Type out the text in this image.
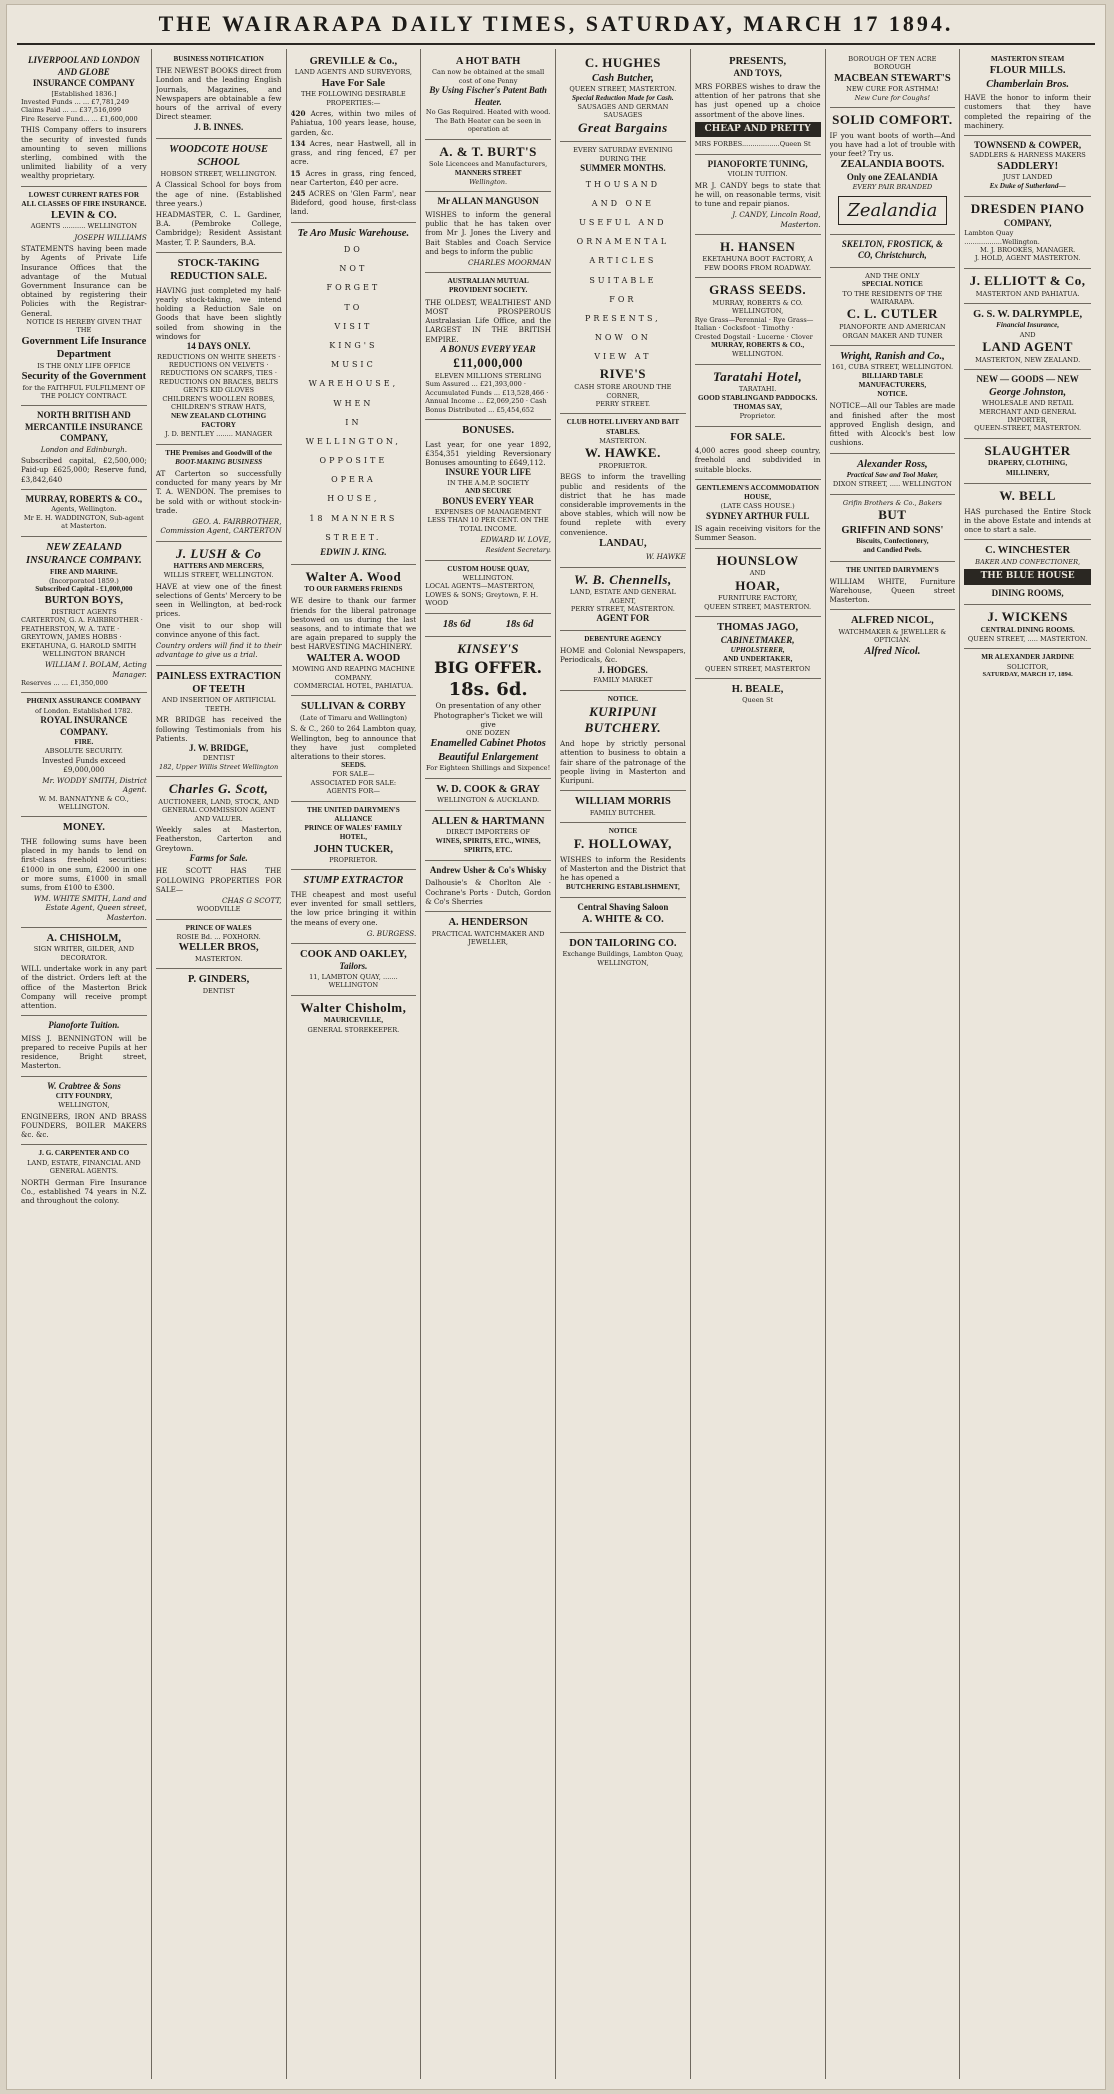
THE WAIRARAPA DAILY TIMES, SATURDAY, MARCH 17 1894.
LIVERPOOL AND LONDON
AND GLOBE
INSURANCE COMPANY
[Established 1836.]
Invested Funds ... ... £7,781,249
Claims Paid ... ... £37,516,099
Fire Reserve Fund... ... £1,600,000
THIS Company offers to insurers the security of invested funds amounting to seven millions sterling, combined with the unlimited liability of a very wealthy proprietary.
LOWEST CURRENT RATES FOR ALL CLASSES OF FIRE INSURANCE.
LEVIN & CO.
AGENTS ........... WELLINGTON
JOSEPH WILLIAMS
STATEMENTS having been made by Agents of Private Life Insurance Offices that the advantage of the Mutual Government Insurance can be obtained by registering their Policies with the Registrar-General.
NOTICE IS HEREBY GIVEN THAT THE
Government Life Insurance
Department
IS THE ONLY LIFE OFFICE
Security of the Government
for the FAITHFUL FULFILMENT OF THE POLICY CONTRACT.
NORTH BRITISH AND MERCANTILE INSURANCE COMPANY,
London and Edinburgh.
Subscribed capital, £2,500,000; Paid-up £625,000; Reserve fund, £3,842,640
MURRAY, ROBERTS & CO.,
Agents, Wellington.
Mr E. H. WADDINGTON, Sub-agent at Masterton.
NEW ZEALAND INSURANCE COMPANY.
FIRE AND MARINE.
(Incorporated 1859.)
Subscribed Capital - £1,000,000
BURTON BOYS,
DISTRICT AGENTS
CARTERTON, G. A. FAIRBROTHER · FEATHERSTON, W. A. TATE · GREYTOWN, JAMES HOBBS · EKETAHUNA, G. HAROLD SMITH
WELLINGTON BRANCH
WILLIAM I. BOLAM, Acting Manager.
Reserves ... ... £1,350,000
PHŒNIX ASSURANCE COMPANY
of London. Established 1782.
ROYAL INSURANCE COMPANY.
FIRE.
ABSOLUTE SECURITY.
Invested Funds exceed £9,000,000
Mr. WODDY SMITH, District Agent.
W. M. BANNATYNE & CO., WELLINGTON.
MONEY.
THE following sums have been placed in my hands to lend on first-class freehold securities: £1000 in one sum, £2000 in one or more sums, £1000 in small sums, from £100 to £300.
WM. WHITE SMITH, Land and Estate Agent, Queen street, Masterton.
A. CHISHOLM,
SIGN WRITER, GILDER, AND DECORATOR.
WILL undertake work in any part of the district. Orders left at the office of the Masterton Brick Company will receive prompt attention.
Pianoforte Tuition.
MISS J. BENNINGTON will be prepared to receive Pupils at her residence, Bright street, Masterton.
W. Crabtree & Sons
CITY FOUNDRY,
WELLINGTON,
ENGINEERS, IRON AND BRASS FOUNDERS, BOILER MAKERS &c. &c.
J. G. CARPENTER AND CO
LAND, ESTATE, FINANCIAL AND GENERAL AGENTS.
NORTH German Fire Insurance Co., established 74 years in N.Z. and throughout the colony.
BUSINESS NOTIFICATION
THE NEWEST BOOKS direct from London and the leading English Journals, Magazines, and Newspapers are obtainable a few hours of the arrival of every Direct steamer.
J. B. INNES.
WOODCOTE HOUSE SCHOOL
HOBSON STREET, WELLINGTON.
A Classical School for boys from the age of nine. (Established three years.)
HEADMASTER, C. L. Gardiner, B.A. (Pembroke College, Cambridge); Resident Assistant Master, T. P. Saunders, B.A.
STOCK-TAKING REDUCTION SALE.
HAVING just completed my half-yearly stock-taking, we intend holding a Reduction Sale on Goods that have been slightly soiled from showing in the windows for
14 DAYS ONLY.
REDUCTIONS ON WHITE SHEETS · REDUCTIONS ON VELVETS · REDUCTIONS ON SCARFS, TIES · REDUCTIONS ON BRACES, BELTS
GENTS KID GLOVES
CHILDREN'S WOOLLEN ROBES,
CHILDREN'S STRAW HATS,
NEW ZEALAND CLOTHING FACTORY
J. D. BENTLEY ........ MANAGER
THE Premises and Goodwill of the
BOOT-MAKING BUSINESS
AT Carterton so successfully conducted for many years by Mr T. A. WENDON. The premises to be sold with or without stock-in-trade.
GEO. A. FAIRBROTHER, Commission Agent, CARTERTON
J. LUSH & Co
HATTERS AND MERCERS,
WILLIS STREET, WELLINGTON.
HAVE at view one of the finest selections of Gents' Mercery to be seen in Wellington, at bed-rock prices.
One visit to our shop will convince anyone of this fact.
Country orders will find it to their advantage to give us a trial.
PAINLESS EXTRACTION OF TEETH
AND INSERTION OF ARTIFICIAL TEETH.
MR BRIDGE has received the following Testimonials from his Patients.
J. W. BRIDGE,
DENTIST
182, Upper Willis Street Wellington
Charles G. Scott,
AUCTIONEER, LAND, STOCK, AND GENERAL COMMISSION AGENT AND VALUER.
Weekly sales at Masterton, Featherston, Carterton and Greytown.
Farms for Sale.
HE SCOTT HAS THE FOLLOWING PROPERTIES FOR SALE—
CHAS G SCOTT,
WOODVILLE
PRINCE OF WALES
ROSIE Bd. ... FOXHORN.
WELLER BROS,
MASTERTON.
P. GINDERS,
DENTIST
GREVILLE & Co.,
LAND AGENTS AND SURVEYORS,
Have For Sale
THE FOLLOWING DESIRABLE PROPERTIES:—
420 Acres, within two miles of Pahiatua, 100 years lease, house, garden, &c.
134 Acres, near Hastwell, all in grass, and ring fenced, £7 per acre.
15 Acres in grass, ring fenced, near Carterton, £40 per acre.
245 ACRES on 'Glen Farm', near Bideford, good house, first-class land.
Te Aro Music Warehouse.
DO
NOT
FORGET
TO
VISIT
KING'S
MUSIC
WAREHOUSE,
WHEN
IN
WELLINGTON,
OPPOSITE
OPERA
HOUSE,
18 MANNERS
STREET.
EDWIN J. KING.
Walter A. Wood
TO OUR FARMERS FRIENDS
WE desire to thank our farmer friends for the liberal patronage bestowed on us during the last seasons, and to intimate that we are again prepared to supply the best HARVESTING MACHINERY.
WALTER A. WOOD
MOWING AND REAPING MACHINE COMPANY.
COMMERCIAL HOTEL, PAHIATUA.
SULLIVAN & CORBY
(Late of Timaru and Wellington)
S. & C., 260 to 264 Lambton quay, Wellington, beg to announce that they have just completed alterations to their stores.
SEEDS.
FOR SALE—
ASSOCIATED FOR SALE:
AGENTS FOR—
THE UNITED DAIRYMEN'S ALLIANCE
PRINCE OF WALES' FAMILY HOTEL,
JOHN TUCKER,
PROPRIETOR.
STUMP EXTRACTOR
THE cheapest and most useful ever invented for small settlers, the low price bringing it within the means of every one.
G. BURGESS.
COOK AND OAKLEY,
Tailors.
11, LAMBTON QUAY, ....... WELLINGTON
Walter Chisholm,
MAURICEVILLE,
GENERAL STOREKEEPER.
A HOT BATH
Can now be obtained at the small cost of one Penny
By Using Fischer's Patent Bath Heater.
No Gas Required. Heated with wood.
The Bath Heater can be seen in operation at
A. & T. BURT'S
Sole Licencees and Manufacturers,
MANNERS STREET
Wellington.
Mr ALLAN MANGUSON
WISHES to inform the general public that he has taken over from Mr J. Jones the Livery and Bait Stables and Coach Service and begs to inform the public
CHARLES MOORMAN
AUSTRALIAN MUTUAL PROVIDENT SOCIETY.
THE OLDEST, WEALTHIEST AND MOST PROSPEROUS Australasian Life Office, and the LARGEST IN THE BRITISH EMPIRE.
A BONUS EVERY YEAR
£11,000,000
ELEVEN MILLIONS STERLING
Sum Assured ... £21,393,000 · Accumulated Funds ... £13,528,466 · Annual Income ... £2,069,250 · Cash Bonus Distributed ... £5,454,652
BONUSES.
Last year, for one year 1892, £354,351 yielding Reversionary Bonuses amounting to £649,112.
INSURE YOUR LIFE
IN THE A.M.P. SOCIETY
AND SECURE
BONUS EVERY YEAR
EXPENSES OF MANAGEMENT LESS THAN 10 PER CENT. ON THE TOTAL INCOME.
EDWARD W. LOVE,
Resident Secretary.
CUSTOM HOUSE QUAY,
WELLINGTON.
LOCAL AGENTS—MASTERTON, LOWES & SONS; Greytown, F. H. WOOD
18s 6d	18s 6d
KINSEY'S
BIG OFFER.
18s. 6d.
On presentation of any other Photographer's Ticket we will give
ONE DOZEN
Enamelled Cabinet Photos
Beautiful Enlargement
For Eighteen Shillings and Sixpence!
W. D. COOK & GRAY
WELLINGTON & AUCKLAND.
ALLEN & HARTMANN
DIRECT IMPORTERS OF
WINES, SPIRITS, ETC., WINES, SPIRITS, ETC.
Andrew Usher & Co's Whisky
Dalhousie's & Chorlton Ale · Cochrane's Ports · Dutch, Gordon & Co's Sherries
A. HENDERSON
PRACTICAL WATCHMAKER AND JEWELLER,
C. HUGHES
Cash Butcher,
QUEEN STREET, MASTERTON.
Special Reduction Made for Cash.
SAUSAGES AND GERMAN SAUSAGES
Great Bargains
EVERY SATURDAY EVENING
DURING THE
SUMMER MONTHS.
THOUSAND
AND ONE
USEFUL AND
ORNAMENTAL
ARTICLES
SUITABLE
FOR
PRESENTS,
NOW ON
VIEW AT
RIVE'S
CASH STORE AROUND THE CORNER,
PERRY STREET.
CLUB HOTEL LIVERY AND BAIT STABLES.
MASTERTON.
W. HAWKE.
PROPRIETOR.
BEGS to inform the travelling public and residents of the district that he has made considerable improvements in the above stables, which will now be found replete with every convenience.
LANDAU,
W. HAWKE
W. B. Chennells,
LAND, ESTATE AND GENERAL AGENT,
PERRY STREET, MASTERTON.
AGENT FOR
DEBENTURE AGENCY
HOME and Colonial Newspapers, Periodicals, &c.
J. HODGES.
FAMILY MARKET
NOTICE.
KURIPUNI BUTCHERY.
And hope by strictly personal attention to business to obtain a fair share of the patronage of the people living in Masterton and Kuripuni.
WILLIAM MORRIS
FAMILY BUTCHER.
NOTICE
F. HOLLOWAY,
WISHES to inform the Residents of Masterton and the District that he has opened a
BUTCHERING ESTABLISHMENT,
Central Shaving Saloon
A. WHITE & CO.
DON TAILORING CO.
Exchange Buildings, Lambton Quay, WELLINGTON,
PRESENTS,
AND TOYS,
MRS FORBES wishes to draw the attention of her patrons that she has just opened up a choice assortment of the above lines.
CHEAP AND PRETTY
MRS FORBES..................Queen St
PIANOFORTE TUNING,
VIOLIN TUITION.
MR J. CANDY begs to state that he will, on reasonable terms, visit to tune and repair pianos.
J. CANDY, Lincoln Road, Masterton.
H. HANSEN
EKETAHUNA BOOT FACTORY, A FEW DOORS FROM ROADWAY.
GRASS SEEDS.
MURRAY, ROBERTS & CO.
WELLINGTON,
Rye Grass—Perennial · Rye Grass—Italian · Cocksfoot · Timothy · Crested Dogstail · Lucerne · Clover
MURRAY, ROBERTS & CO.,
WELLINGTON.
Taratahi Hotel,
TARATAHI.
GOOD STABLINGAND PADDOCKS.
THOMAS SAY,
Proprietor.
FOR SALE.
4,000 acres good sheep country, freehold and subdivided in suitable blocks.
GENTLEMEN'S ACCOMMODATION HOUSE,
(LATE CASS HOUSE.)
SYDNEY ARTHUR FULL
IS again receiving visitors for the Summer Season.
HOUNSLOW
AND
HOAR,
FURNITURE FACTORY,
QUEEN STREET, MASTERTON.
THOMAS JAGO,
CABINETMAKER,
UPHOLSTERER,
AND UNDERTAKER,
QUEEN STREET, MASTERTON
H. BEALE,
Queen St
BOROUGH OF TEN ACRE BOROUGH
MACBEAN STEWART'S
NEW CURE FOR ASTHMA!
New Cure for Coughs!
SOLID COMFORT.
IF you want boots of worth—And you have had a lot of trouble with your feet? Try us.
ZEALANDIA BOOTS.
Only one ZEALANDIA
EVERY PAIR BRANDED
Zealandia
SKELTON, FROSTICK, &
CO, Christchurch,
AND THE ONLY
SPECIAL NOTICE
TO THE RESIDENTS OF THE WAIRARAPA.
C. L. CUTLER
PIANOFORTE AND AMERICAN ORGAN MAKER AND TUNER
Wright, Ranish and Co.,
161, CUBA STREET, WELLINGTON.
BILLIARD TABLE MANUFACTURERS,
NOTICE.
NOTICE—All our Tables are made and finished after the most approved English design, and fitted with Alcock's best low cushions.
Alexander Ross,
Practical Saw and Tool Maker,
DIXON STREET, ..... WELLINGTON
Grifin Brothers & Co., Bakers
BUT
GRIFFIN AND SONS'
Biscuits, Confectionery,
and Candied Peels.
THE UNITED DAIRYMEN'S
WILLIAM WHITE, Furniture Warehouse, Queen street Masterton.
ALFRED NICOL,
WATCHMAKER & JEWELLER & OPTICIAN.
Alfred Nicol.
MASTERTON STEAM
FLOUR MILLS.
Chamberlain Bros.
HAVE the honor to inform their customers that they have completed the repairing of the machinery.
TOWNSEND & COWPER,
SADDLERS & HARNESS MAKERS
SADDLERY!
JUST LANDED
Ex Duke of Sutherland—
DRESDEN PIANO
COMPANY,
Lambton Quay ..................Wellington.
M. J. BROOKES, MANAGER.
J. HOLD, AGENT MASTERTON.
J. ELLIOTT & Co,
MASTERTON AND PAHIATUA.
G. S. W. DALRYMPLE,
Financial Insurance,
AND
LAND AGENT
MASTERTON, NEW ZEALAND.
NEW — GOODS — NEW
George Johnston,
WHOLESALE AND RETAIL MERCHANT AND GENERAL IMPORTER,
QUEEN-STREET, MASTERTON.
SLAUGHTER
DRAPERY, CLOTHING,
MILLINERY,
W. BELL
HAS purchased the Entire Stock in the above Estate and intends at once to start a sale.
C. WINCHESTER
BAKER AND CONFECTIONER,
THE BLUE HOUSE
DINING ROOMS,
J. WICKENS
CENTRAL DINING ROOMS.
QUEEN STREET, ..... MASTERTON.
MR ALEXANDER JARDINE
SOLICITOR,
SATURDAY, MARCH 17, 1894.
